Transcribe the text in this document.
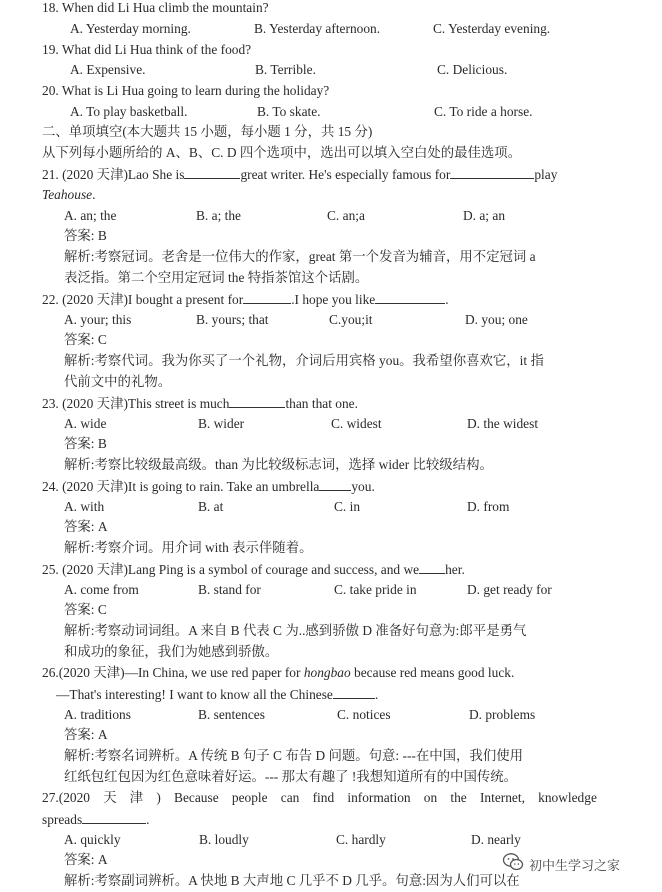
18. When did Li Hua climb the mountain?
A. Yesterday morning.	B. Yesterday afternoon.	C. Yesterday evening.
19. What did Li Hua think of the food?
A. Expensive.	B. Terrible.	C. Delicious.
20. What is Li Hua going to learn during the holiday?
A. To play basketball.	B. To skate.	C. To ride a horse.
二、单项填空(本大题共 15 小题，每小题 1 分，共 15 分)
从下列每小题所给的 A、B、C. D 四个选项中，选出可以填入空白处的最佳选项。
21. (2020 天津)Lao She is	great writer. He's especially famous for	play
Teahouse.
A. an; the	B. a; the	C. an;a	D. a; an
答案: B
解析:考察冠词。老舍是一位伟大的作家，great 第一个发音为辅音，用不定冠词 a
表泛指。第二个空用定冠词 the 特指茶馆这个话剧。
22. (2020 天津)I bought a present for	.I hope you like	.
A. your; this	B. yours; that	C.you;it	D. you; one
答案: C
解析:考察代词。我为你买了一个礼物，介词后用宾格 you。我希望你喜欢它，it 指
代前文中的礼物。
23. (2020 天津)This street is much	than that one.
A. wide	B. wider	C. widest	D. the widest
答案: B
解析:考察比较级最高级。than 为比较级标志词，选择 wider 比较级结构。
24. (2020 天津)It is going to rain. Take an umbrella you.
A. with	B. at	C. in	D. from
答案: A
解析:考察介词。用介词 with 表示伴随着。
25. (2020 天津)Lang Ping is a symbol of courage and success, and we her.
A. come from	B. stand for	C. take pride in	D. get ready for
答案: C
解析:考察动词词组。A 来自 B 代表 C 为..感到骄傲 D 准备好句意为:郎平是勇气
和成功的象征，我们为她感到骄傲。
26.(2020 天津)—In China, we use red paper for hongbao because red means good luck.
—That's interesting! I want to know all the Chinese	.
A. traditions	B. sentences	C. notices	D. problems
答案: A
解析:考察名词辨析。A 传统 B 句子 C 布告 D 问题。句意: ---在中国，我们使用
红纸包红包因为红色意味着好运。--- 那太有趣了 !我想知道所有的中国传统。
27.(2020 天 津 ) Because people can find information on the Internet, knowledge
spreads	.
A. quickly	B. loudly	C. hardly	D. nearly
答案: A
解析:考察副词辨析。A 快地 B 大声地 C 几乎不 D 几乎。句意:因为人们可以在
初中生学习之家
